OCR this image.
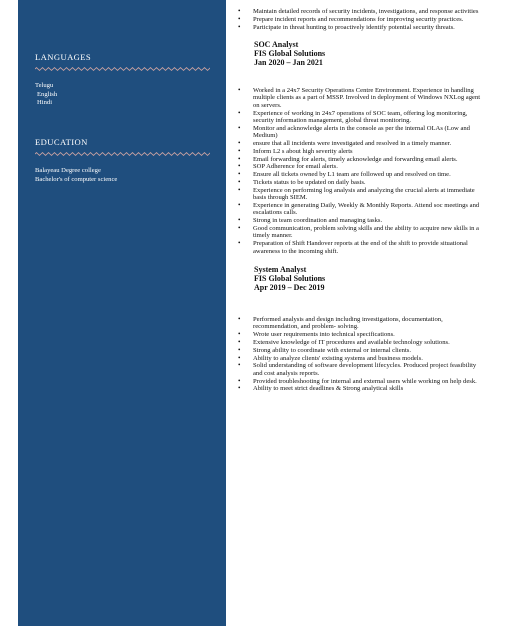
LANGUAGES
Telugu
English
Hindi
EDUCATION
Balayeau Degree college
Bachelor's of computer science
• Maintain detailed records of security incidents, investigations, and response activities
• Prepare incident reports and recommendations for improving security practices.
• Participate in threat hunting to proactively identify potential security threats.
SOC Analyst
FIS Global Solutions
Jan 2020 – Jan 2021
• Worked in a 24x7 Security Operations Centre Environment. Experience in handling multiple clients as a part of MSSP. Involved in deployment of Windows NXLog agent on servers.
• Experience of working in 24x7 operations of SOC team, offering log monitoring, security information management, global threat monitoring.
• Monitor and acknowledge alerts in the console as per the internal OLAs (Low and Medium)
• ensure that all incidents were investigated and resolved in a timely manner.
• Inform L2 s about high severity alerts
• Email forwarding for alerts, timely acknowledge and forwarding email alerts.
• SOP Adherence for email alerts.
• Ensure all tickets owned by L1 team are followed up and resolved on time.
• Tickets status to be updated on daily basis.
• Experience on performing log analysis and analyzing the crucial alerts at immediate basis through SIEM.
• Experience in generating Daily, Weekly & Monthly Reports. Attend soc meetings and escalations calls.
• Strong in team coordination and managing tasks.
• Good communication, problem solving skills and the ability to acquire new skills in a timely manner.
• Preparation of Shift Handover reports at the end of the shift to provide situational awareness to the incoming shift.
System Analyst
FIS Global Solutions
Apr 2019 – Dec 2019
• Performed analysis and design including investigations, documentation, recommendation, and problem- solving.
• Wrote user requirements into technical specifications.
• Extensive knowledge of IT procedures and available technology solutions.
• Strong ability to coordinate with external or internal clients.
• Ability to analyze clients' existing systems and business models.
• Solid understanding of software development lifecycles. Produced project feasibility and cost analysis reports.
• Provided troubleshooting for internal and external users while working on help desk.
• Ability to meet strict deadlines & Strong analytical skills
